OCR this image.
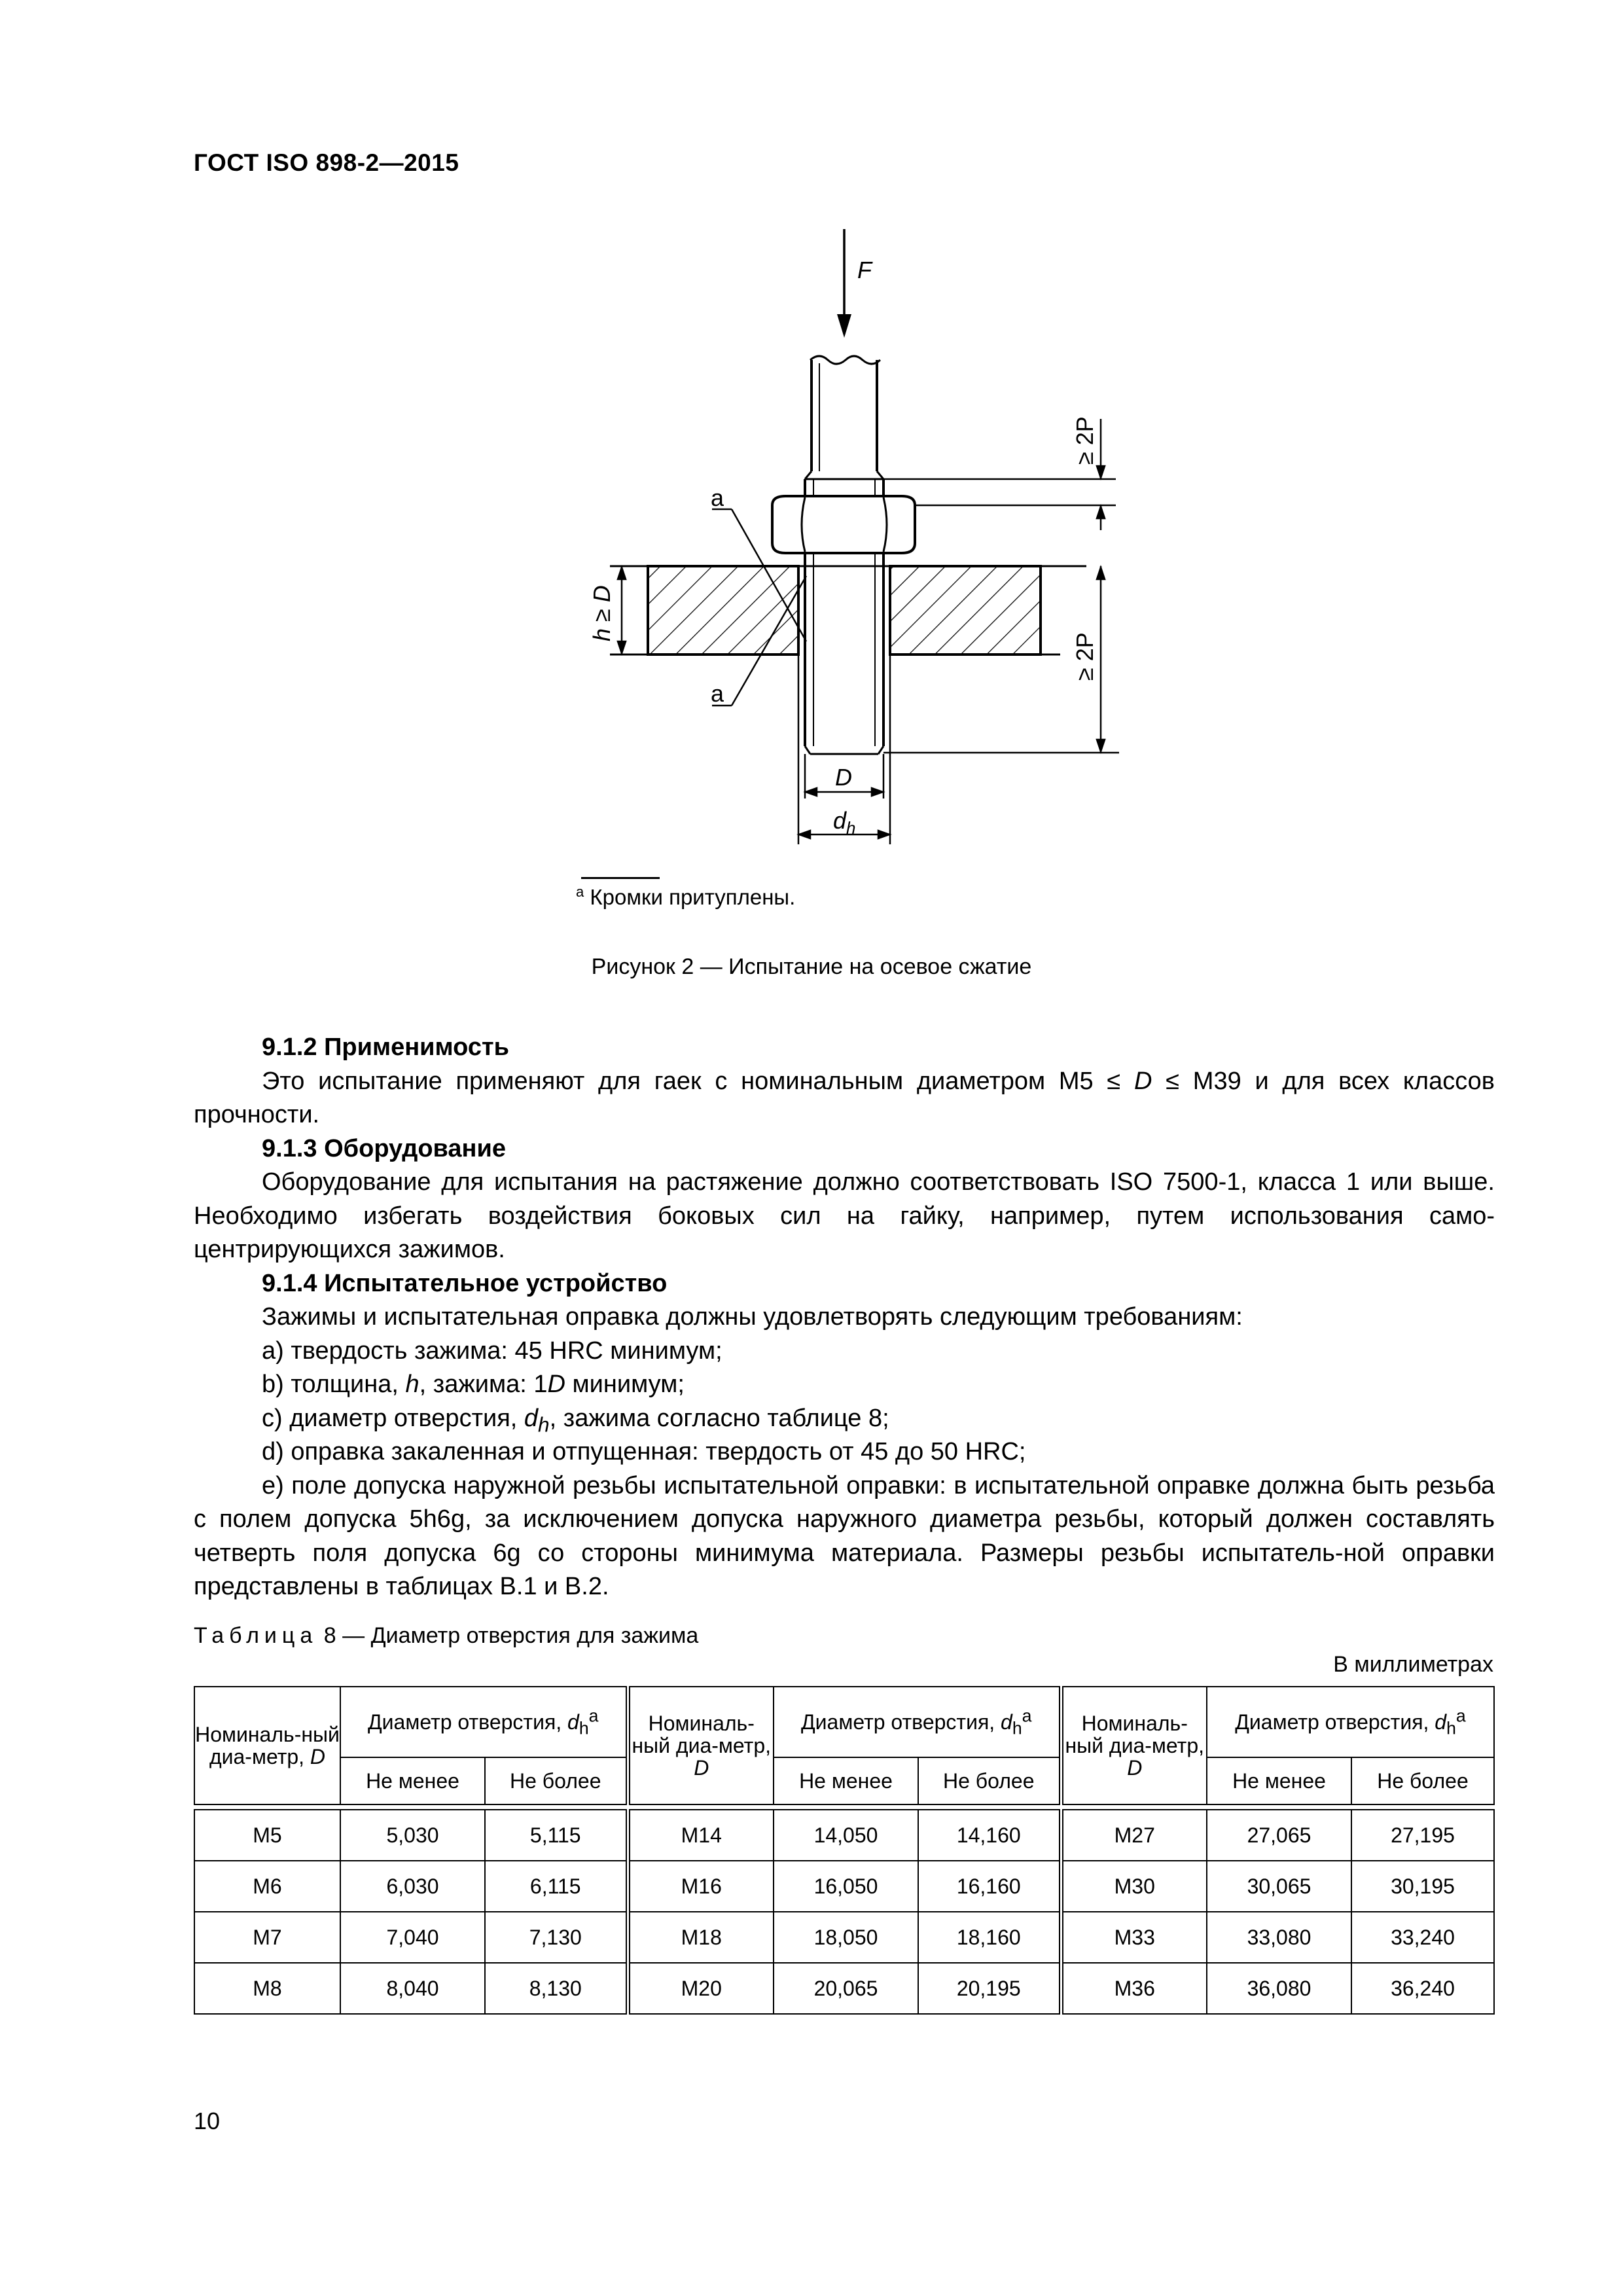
ГОСТ ISO 898-2—2015
F
a
a
h ≥ D
≥ 2P
≥ 2P
D
$d_h$
$^a$ Кромки притуплены.
Рисунок 2 — Испытание на осевое сжатие

9.1.2 Применимость

Это испытание применяют для гаек с номинальным диаметром М5 ≤ D ≤ М39 и для всех классов прочности.

9.1.3 Оборудование

Оборудование для испытания на растяжение должно соответствовать ISO 7500-1, класса 1 или выше. Необходимо избегать воздействия боковых сил на гайку, например, путем использования само-центрирующихся зажимов.

9.1.4 Испытательное устройство

Зажимы и испытательная оправка должны удовлетворять следующим требованиям:

a) твердость зажима: 45 HRC минимум;

b) толщина, h, зажима: 1D минимум;

c) диаметр отверстия, $d_h$, зажима согласно таблице 8;

d) оправка закаленная и отпущенная: твердость от 45 до 50 HRC;

e) поле допуска наружной резьбы испытательной оправки: в испытательной оправке должна быть резьба с полем допуска 5h6g, за исключением допуска наружного диаметра резьбы, который должен составлять четверть поля допуска 6g со стороны минимума материала. Размеры резьбы испытатель-ной оправки представлены в таблицах В.1 и В.2.

Таблица 8 — Диаметр отверстия для зажима
В миллиметрах
Номиналь-ный диа-метр, D	Диаметр отверстия, $d_h^a$		Номиналь-ный диа-метр, D	Диаметр отверстия, $d_h^a$		Номиналь-ный диа-метр, D	Диаметр отверстия, $d_h^a$
	Не менее	Не более		Не менее	Не более		Не менее	Не более

М5	5,030	5,115	М14	14,050	14,160	М27	27,065	27,195
М6	6,030	6,115	М16	16,050	16,160	М30	30,065	30,195
М7	7,040	7,130	М18	18,050	18,160	М33	33,080	33,240
М8	8,040	8,130	М20	20,065	20,195	М36	36,080	36,240
10
